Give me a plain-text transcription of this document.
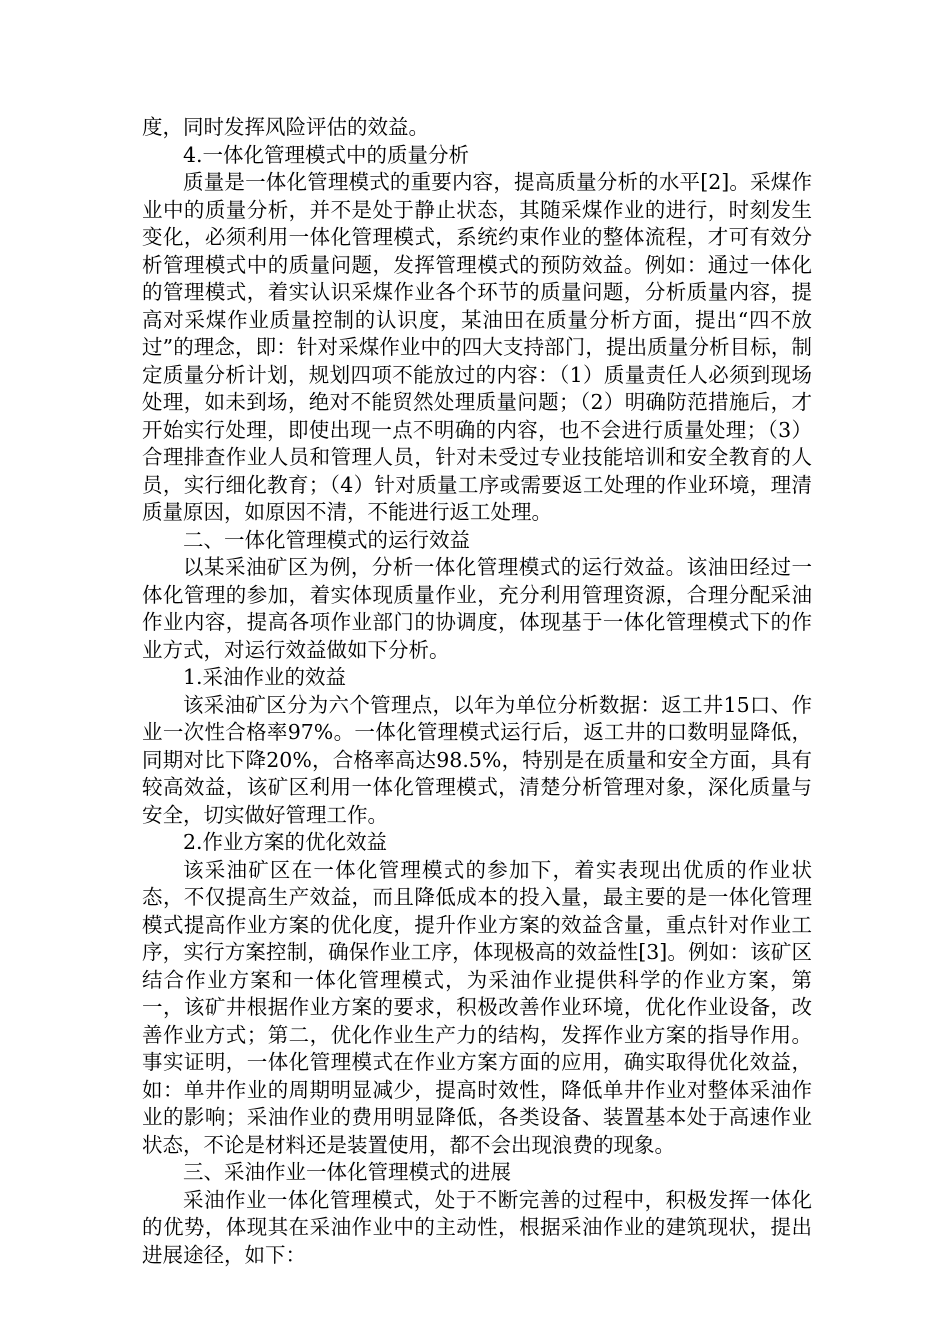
度，同时发挥风险评估的效益。

4.一体化管理模式中的质量分析

质量是一体化管理模式的重要内容，提高质量分析的水平[2]。采煤作业中的质量分析，并不是处于静止状态，其随采煤作业的进行，时刻发生变化，必须利用一体化管理模式，系统约束作业的整体流程，才可有效分析管理模式中的质量问题，发挥管理模式的预防效益。例如：通过一体化的管理模式，着实认识采煤作业各个环节的质量问题，分析质量内容，提高对采煤作业质量控制的认识度，某油田在质量分析方面，提出“四不放过”的理念，即：针对采煤作业中的四大支持部门，提出质量分析目标，制定质量分析计划，规划四项不能放过的内容：（1）质量责任人必须到现场处理，如未到场，绝对不能贸然处理质量问题；（2）明确防范措施后，才开始实行处理，即使出现一点不明确的内容，也不会进行质量处理；（3）合理排查作业人员和管理人员，针对未受过专业技能培训和安全教育的人员，实行细化教育；（4）针对质量工序或需要返工处理的作业环境，理清质量原因，如原因不清，不能进行返工处理。

二、一体化管理模式的运行效益

以某采油矿区为例，分析一体化管理模式的运行效益。该油田经过一体化管理的参加，着实体现质量作业，充分利用管理资源，合理分配采油作业内容，提高各项作业部门的协调度，体现基于一体化管理模式下的作业方式，对运行效益做如下分析。

1.采油作业的效益

该采油矿区分为六个管理点，以年为单位分析数据：返工井15口、作业一次性合格率97%。一体化管理模式运行后，返工井的口数明显降低，同期对比下降20%，合格率高达98.5%，特别是在质量和安全方面，具有较高效益，该矿区利用一体化管理模式，清楚分析管理对象，深化质量与安全，切实做好管理工作。

2.作业方案的优化效益

该采油矿区在一体化管理模式的参加下，着实表现出优质的作业状态，不仅提高生产效益，而且降低成本的投入量，最主要的是一体化管理模式提高作业方案的优化度，提升作业方案的效益含量，重点针对作业工序，实行方案控制，确保作业工序，体现极高的效益性[3]。例如：该矿区结合作业方案和一体化管理模式，为采油作业提供科学的作业方案，第一，该矿井根据作业方案的要求，积极改善作业环境，优化作业设备，改善作业方式；第二，优化作业生产力的结构，发挥作业方案的指导作用。事实证明，一体化管理模式在作业方案方面的应用，确实取得优化效益，如：单井作业的周期明显减少，提高时效性，降低单井作业对整体采油作业的影响；采油作业的费用明显降低，各类设备、装置基本处于高速作业状态，不论是材料还是装置使用，都不会出现浪费的现象。

三、采油作业一体化管理模式的进展

采油作业一体化管理模式，处于不断完善的过程中，积极发挥一体化的优势，体现其在采油作业中的主动性，根据采油作业的建筑现状，提出进展途径，如下：
